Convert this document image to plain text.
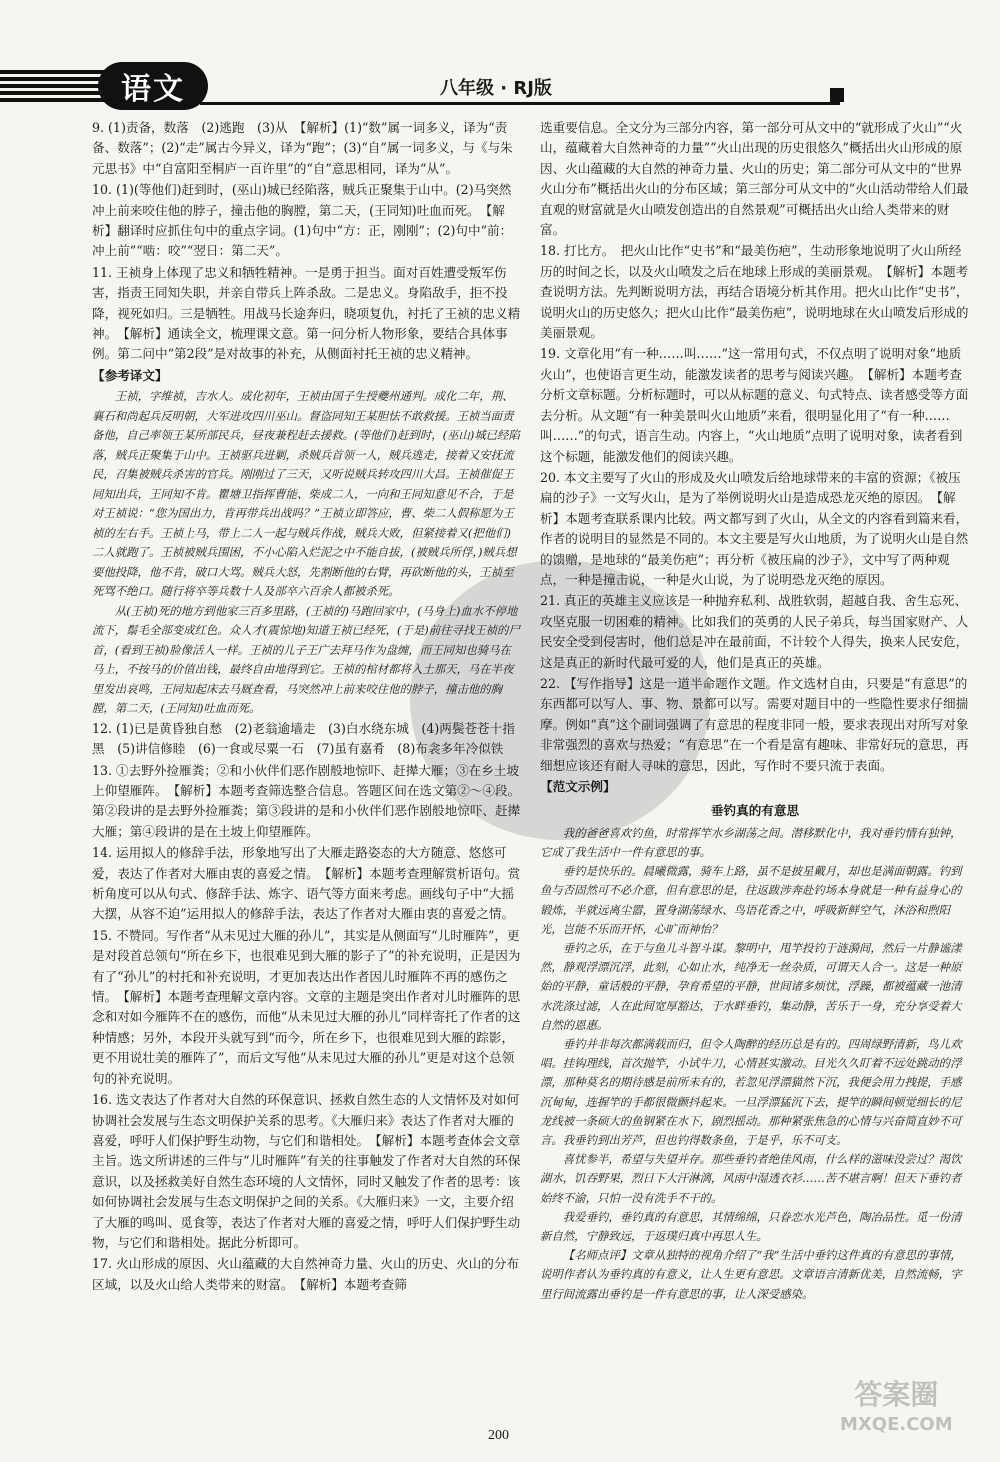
语文	八年级 · RJ版

9. (1)责备，数落　(2)逃跑　(3)从　【解析】(1)“数”属一词多义，译为“责备、数落”；(2)“走”属古今异义，译为“跑”；(3)“自”属一词多义，与《与朱元思书》中“自富阳至桐庐一百许里”的“自”意思相同，译为“从”。

10. (1)(等他们)赶到时，(巫山)城已经陷落，贼兵正聚集于山中。(2)马突然冲上前来咬住他的脖子，撞击他的胸膛，第二天，(王同知)吐血而死。　【解析】翻译时应抓住句中的重点字词。(1)句中“方：正，刚刚”；(2)句中“前：冲上前”“啮：咬”“翌日：第二天”。

11. 王祯身上体现了忠义和牺牲精神。一是勇于担当。面对百姓遭受叛军伤害，指责王同知失职，并亲自带兵上阵杀敌。二是忠义。身陷敌手，拒不投降，视死如归。三是牺牲。用战马长途奔归，晓项复仇，衬托了王祯的忠义精神。　【解析】通读全文，梳理课文意。第一问分析人物形象，要结合具体事例。第二问中“第2段”是对故事的补充，从侧面衬托王祯的忠义精神。

【参考译文】

王祯，字维祯，吉水人。成化初年，王祯由国子生授夔州通判。成化二年，荆、襄石和尚起兵反明朝，大军进攻四川巫山。督盗同知王某胆怯不敢救援。王祯当面责备他，自己率领王某所部民兵，昼夜兼程赶去援救。(等他们)赶到时，(巫山)城已经陷落，贼兵正聚集于山中。王祯驱兵进剿，杀贼兵首领一人，贼兵逃走，接着又安抚流民，召集被贼兵杀害的官兵。刚刚过了三天，又听说贼兵转攻四川大昌。王祯催促王同知出兵，王同知不肯。瞿塘卫指挥曹能、柴成二人，一向和王同知意见不合，于是对王祯说：“您为国出力，肯再带兵出战吗？”王祯立即答应，曹、柴二人假称愿为王祯的左右手。王祯上马，带上二人一起与贼兵作战，贼兵大败，但紧接着又(把他们)二人就跑了。王祯被贼兵围困，不小心陷入烂泥之中不能自拔，(被贼兵所俘，)贼兵想要他投降，他不肯，破口大骂。贼兵大怒，先割断他的右臂，再砍断他的头，王祯至死骂不绝口。随行将卒等兵数十人及部卒六百余人都被杀死。

从(王祯)死的地方到他家三百多里路，(王祯的)马跑回家中，(马身上)血水不停地流下，鬃毛全部变成红色。众人才(震惊地)知道王祯已经死，(于是)前往寻找王祯的尸首，(看到王祯)脸像活人一样。王祯的儿子王广去拜马作为盘缠，而王同知也骑马在马上，不按马的价值出钱，最终自由地得到它。王祯的棺材都将入土那天，马在半夜里发出哀鸣，王同知起床去马厩查看，马突然冲上前来咬住他的脖子，撞击他的胸膛，第二天，(王同知)吐血而死。

12. (1)已是黄昏独自愁　(2)老翁逾墙走　(3)白水绕东城　(4)两鬓苍苍十指黑　(5)讲信修睦　(6)一食或尽粟一石　(7)虽有嘉肴　(8)布衾多年冷似铁

13. ①去野外捡雁粪；②和小伙伴们恶作剧般地惊吓、赶撵大雁；③在乡土坡上仰望雁阵。　【解析】本题考查筛选整合信息。答题区间在选文第②～④段。第②段讲的是去野外捡雁粪；第③段讲的是和小伙伴们恶作剧般地惊吓、赶撵大雁；第④段讲的是在土坡上仰望雁阵。

14. 运用拟人的修辞手法，形象地写出了大雁走路姿态的大方随意、悠悠可爱，表达了作者对大雁由衷的喜爱之情。　【解析】本题考查理解赏析语句。赏析角度可以从句式、修辞手法、炼字、语气等方面来考虑。画线句子中“大摇大摆，从容不迫”运用拟人的修辞手法，表达了作者对大雁由衷的喜爱之情。

15. 不赞同。写作者“从未见过大雁的孙儿”，其实是从侧面写“儿时雁阵”，更是对段首总领句“所在乡下，也很难见到大雁的影子了”的补充说明，正是因为有了“孙儿”的村托和补充说明，才更加表达出作者因儿时雁阵不再的感伤之情。　【解析】本题考查理解文章内容。文章的主题是突出作者对儿时雁阵的思念和对如今雁阵不在的感伤，而他“从未见过大雁的孙儿”同样寄托了作者的这种情感；另外，本段开头就写到“而今，所在乡下，也很难见到大雁的踪影，更不用说壮美的雁阵了”，而后文写他“从未见过大雁的孙儿”更是对这个总领句的补充说明。

16. 选文表达了作者对大自然的环保意识、拯救自然生态的人文情怀及对如何协调社会发展与生态文明保护关系的思考。《大雁归来》表达了作者对大雁的喜爱，呼吁人们保护野生动物，与它们和谐相处。　【解析】本题考查体会文章主旨。选文所讲述的三件与“儿时雁阵”有关的往事触发了作者对大自然的环保意识，以及拯救美好自然生态环境的人文情怀，同时又触发了作者的思考：该如何协调社会发展与生态文明保护之间的关系。《大雁归来》一文，主要介绍了大雁的鸣叫、觅食等，表达了作者对大雁的喜爱之情，呼吁人们保护野生动物，与它们和谐相处。据此分析即可。

17. 火山形成的原因、火山蕴藏的大自然神奇力量、火山的历史、火山的分布区域，以及火山给人类带来的财富。　【解析】本题考查筛

选重要信息。全文分为三部分内容，第一部分可从文中的“就形成了火山”“火山，蕴藏着大自然神奇的力量”“火山出现的历史很悠久”概括出火山形成的原因、火山蕴藏的大自然的神奇力量、火山的历史；第二部分可从文中的“世界火山分布”概括出火山的分布区域；第三部分可从文中的“火山活动带给人们最直观的财富就是火山喷发创造出的自然景观”可概括出火山给人类带来的财富。

18. 打比方。　把火山比作“史书”和“最美伤疤”，生动形象地说明了火山所经历的时间之长，以及火山喷发之后在地球上形成的美丽景观。　【解析】本题考查说明方法。先判断说明方法，再结合语境分析其作用。把火山比作“史书”，说明火山的历史悠久；把火山比作“最美伤疤”，说明地球在火山喷发后形成的美丽景观。

19. 文章化用“有一种……叫……”这一常用句式，不仅点明了说明对象“地质火山”，也使语言更生动，能激发读者的思考与阅读兴趣。　【解析】本题考查分析文章标题。分析标题时，可以从标题的意义、句式特点、读者感受等方面去分析。从文题“有一种美景叫火山地质”来看，很明显化用了“有一种……叫……”的句式，语言生动。内容上，“火山地质”点明了说明对象，读者看到这个标题，能激发他们的阅读兴趣。

20. 本文主要写了火山的形成及火山喷发后给地球带来的丰富的资源；《被压扁的沙子》一文写火山，是为了举例说明火山是造成恐龙灭绝的原因。　【解析】本题考查联系课内比较。两文都写到了火山，从全文的内容看到篇来看，作者的说明目的显然是不同的。本文主要是写火山地质，为了说明火山是自然的馈赠，是地球的“最美伤疤”；再分析《被压扁的沙子》，文中写了两种观点，一种是撞击说，一种是火山说，为了说明恐龙灭绝的原因。

21. 真正的英雄主义应该是一种抛弃私利、战胜软弱，超越自我、舍生忘死、攻坚克服一切困难的精神。比如我们的英勇的人民子弟兵，每当国家财产、人民安全受到侵害时，他们总是冲在最前面，不计较个人得失，换来人民安危，这是真正的新时代最可爱的人，他们是真正的英雄。

22. 【写作指导】这是一道半命题作文题。作文选材自由，只要是“有意思”的东西都可以写人、事、物、景都可以写。需要对题目中的一些隐性要求仔细揣摩。例如“真”这个副词强调了有意思的程度非同一般，要求表现出对所写对象非常强烈的喜欢与热爱；“有意思”在一个看是富有趣味、非常好玩的意思，再细想应该还有耐人寻味的意思，因此，写作时不要只流于表面。

【范文示例】

垂钓真的有意思

我的爸爸喜欢钓鱼，时常挥竿水乡湖荡之间。潜移默化中，我对垂钓情有独钟，它成了我生活中一件有意思的事。

垂钓是快乐的。晨曦微露，骑车上路，虽不是披星戴月，却也是满面朝露。钓到鱼与否固然可不必介意，但有意思的是，往返跋涉奔赴钓场本身就是一种有益身心的锻炼，半就远离尘嚣，置身湖荡绿水、鸟语花香之中，呼吸新鲜空气，沐浴和煦阳光，岂能不乐而开怀，心旷而神怡？

垂钓之乐，在于与鱼儿斗智斗谋。黎明中，甩竿投钓于涟漪间，然后一片静谧漾然，静观浮漂沉浮，此刻，心如止水，纯净无一丝杂质，可谓天人合一。这是一种原始的平静，童话般的平静，孕育希望的平静，世间诸多烦忧，浮躁，都被蕴藏一池清水洗涤过滤，人在此间宽厚豁达，于水畔垂钓，集动静，苦乐于一身，充分享受着大自然的恩惠。

垂钓并非每次都满载而归，但令人陶醉的经历总是有的。四周绿野清新，鸟儿欢唱。挂钩理线，首次抛竿，小试牛刀，心情甚实激动。目光久久盯着不远处跳动的浮漂，那种莫名的期待感是前所未有的，若忽见浮漂猫然下沉，我便会用力拽提，手感沉甸甸，连握竿的手都很微颤抖起来。一旦浮漂猛沉下去，提竿的瞬间顿觉细长的尼龙线被一条硕大的鱼钢紧在水下，剧烈摇动。那种紧张焦急的心情与兴奋简直妙不可言。我垂钓到出芳芦，但也钓得数条鱼，于是乎，乐不可支。

喜忧参半，希望与失望并存。那些垂钓者绝佳风雨，什么样的滋味没尝过？渴饮湖水，饥吞野果，烈日下大汗淋漓，风雨中湿透衣衫……苦不堪言啊！但天下垂钓者始终不渝，只怕一没有洗手不干的。

我爱垂钓，垂钓真的有意思，其情绵绵，只眷恋水光芦色，陶冶品性。觅一份清新自然，宁静致远，于返璞归真中再思人生。

【名师点评】文章从独特的视角介绍了“我”生活中垂钓这件真的有意思的事情，说明作者认为垂钓真的有意义，让人生更有意思。文章语言清新优美，自然流畅，字里行间流露出垂钓是一件有意思的事，让人深受感染。

200
答案圈
MXQE.COM
